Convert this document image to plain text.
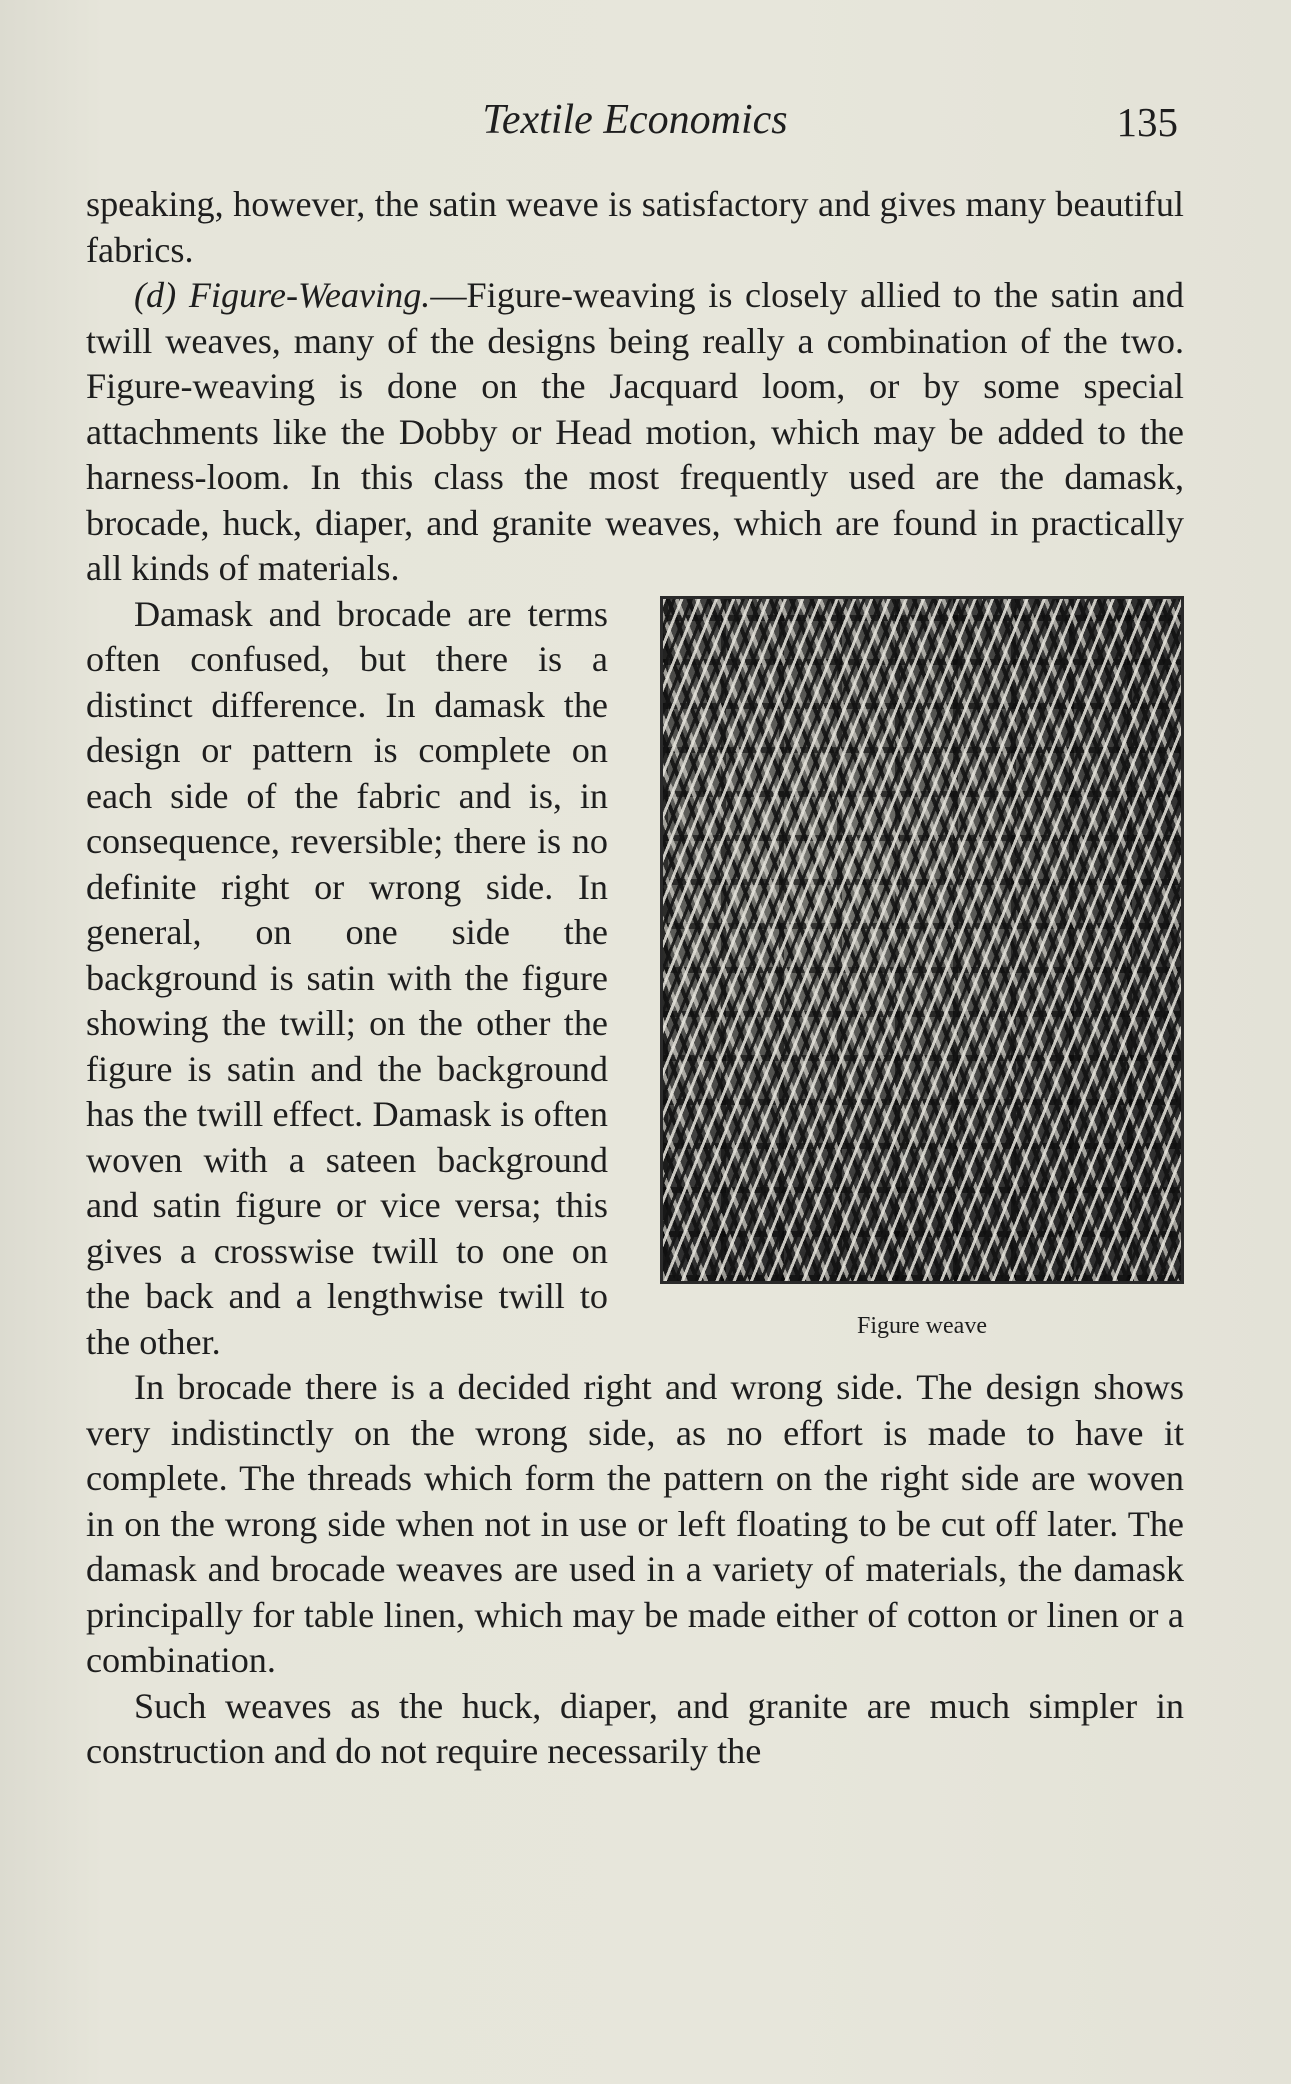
Textile Economics	135

speaking, however, the satin weave is satisfactory and gives many beautiful fabrics.

(d) Figure-Weaving.—Figure-weaving is closely allied to the satin and twill weaves, many of the designs being really a combination of the two. Figure-weaving is done on the Jacquard loom, or by some special attachments like the Dobby or Head motion, which may be added to the harness-loom. In this class the most frequently used are the damask, brocade, huck, diaper, and granite weaves, which are found in practically all kinds of materials.

Figure weave

Damask and brocade are terms often confused, but there is a distinct difference. In damask the design or pattern is complete on each side of the fabric and is, in consequence, reversible; there is no definite right or wrong side. In general, on one side the background is satin with the figure showing the twill; on the other the figure is satin and the background has the twill effect. Damask is often woven with a sateen background and satin figure or vice versa; this gives a crosswise twill to one on the back and a lengthwise twill to the other.

In brocade there is a decided right and wrong side. The design shows very indistinctly on the wrong side, as no effort is made to have it complete. The threads which form the pattern on the right side are woven in on the wrong side when not in use or left floating to be cut off later. The damask and brocade weaves are used in a variety of materials, the damask principally for table linen, which may be made either of cotton or linen or a combination.

Such weaves as the huck, diaper, and granite are much simpler in construction and do not require necessarily the
